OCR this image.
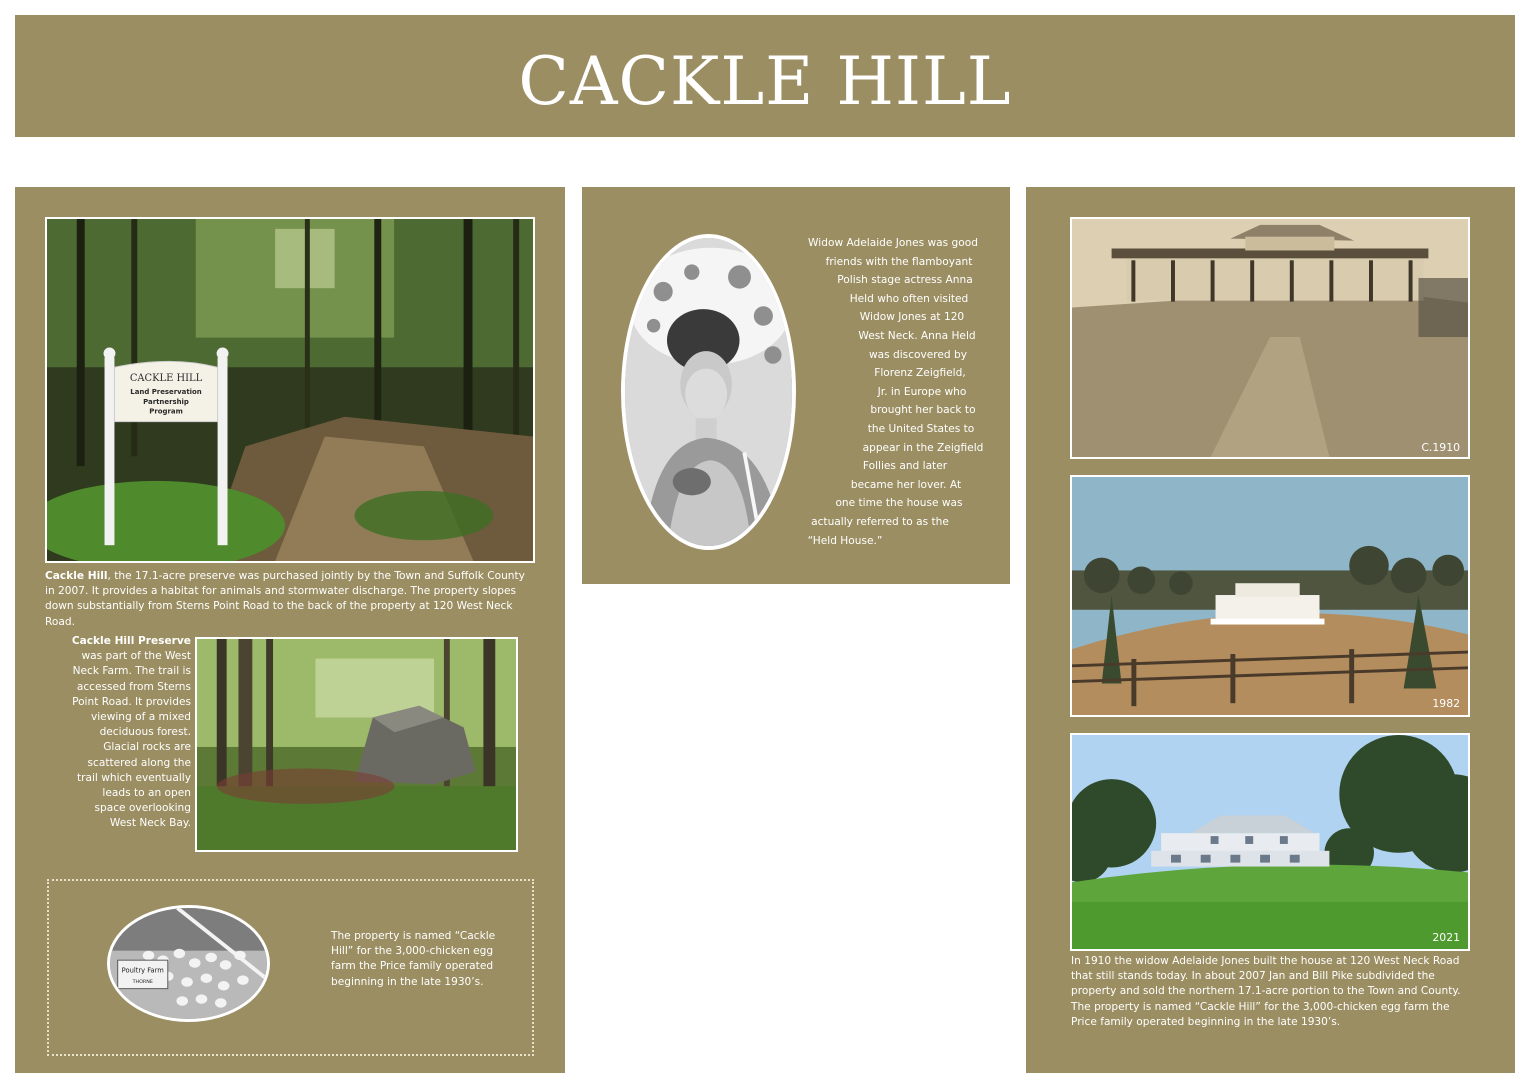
CACKLE HILL
CACKLE HILL
Land Preservation
Partnership
Program
Cackle Hill, the 17.1-acre preserve was purchased jointly by the Town and Suffolk County in 2007. It provides a habitat for animals and stormwater discharge. The property slopes down substantially from Sterns Point Road to the back of the property at 120 West Neck Road.
Cackle Hill Preserve was part of the West Neck Farm. The trail is accessed from Sterns Point Road. It provides viewing of a mixed deciduous forest. Glacial rocks are scattered along the trail which eventually leads to an open space overlooking West Neck Bay.
Poultry Farm
THORNE
The property is named “Cackle Hill” for the 3,000-chicken egg farm the Price family operated beginning in the late 1930’s.
Widow Adelaide Jones was good
friends with the flamboyant
Polish stage actress Anna
Held who often visited
Widow Jones at 120
West Neck. Anna Held
was discovered by
Florenz Zeigfield,
Jr. in Europe who
brought her back to
the United States to
appear in the Zeigfield
Follies and later
became her lover. At
one time the house was
actually referred to as the
“Held House.”
C.1910
1982
2021
In 1910 the widow Adelaide Jones built the house at 120 West Neck Road that still stands today. In about 2007 Jan and Bill Pike subdivided the property and sold the northern 17.1-acre portion to the Town and County. The property is named “Cackle Hill” for the 3,000-chicken egg farm the Price family operated beginning in the late 1930’s.
